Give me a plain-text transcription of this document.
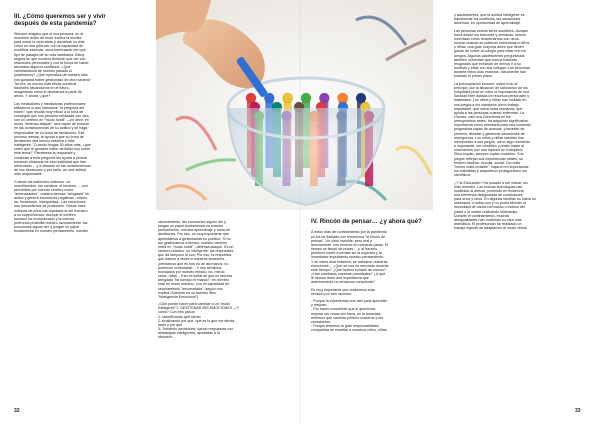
III. ¿Cómo queremos ser y vivir
después de esta pandemia?

Siempre imagino que si una persona, en el
momento antes de morir tuviera la lucidez
para echar la vista atrás y visualizar su vida
como en una película, con la capacidad de
modificar escenas, sería interesante ver qué
tipo de pasajes de su vida cambiaría. Estoy
segura de que muchos tendrían que ver con
relaciones personales y con la forma de haber
abordado algunos conflictos. ¿Qué
cambiaríamos de nuestro pasado si
pudiéramos? ¿Qué episodios de nuestra vida
nos gustaría haber gestionado de otra manera?
Tal vez, es mucho más eficaz construir
futuribles situándonos en el futuro,
imaginando cómo lo deseamos a partir de
ahora. Y ahora, ¿qué?

Los mediadores y mediadoras profesionales
utilizamos lo que llamamos "la pregunta del
futuro", que resulta muy eficaz a la hora de
conseguir que una persona enfadada con otra,
con un cerebro en "modo hostil" —es decir, en
modo "defensa-ataque"- sea capaz de enfocar
en las consecuencias de su actitud y se haga
responsable de su toma de decisiones. Ese
proceso mental, le ayuda a que su toma de
decisiones sea menos reactiva y más
inteligente: "Cuando tengas 30 años más, ¿qué
crees que te gustaría haber decidido hoy sobre
este tema?" Plantearse la respuesta y
contestar a esta pregunta les ayuda a pensar
tomando distancia de esa hostilidad que han
alimentado… y a situarse en las consecuencias
de sus decisiones y por tanto, en una actitud
más responsable.

Cuando los estímulos externos –la
incertidumbre, los cambios, el encierro…- son
percibidos por nuestro cerebro como
"amenazantes", nuestra famosa "amígdala" se
activa y genera emociones negativas –miedo,
ira, frustración, inseguridad-. Las emociones
son mecanismos de protección. Desde hace
millones de años han ayudado al ser humano
a su supervivencia. Aunque el cerebro
humano ha evolucionado y la corteza
prefrontal posibilita nuestro razonamiento, las
emociones siguen ahí y juegan un papel
fundamental en nuestro pensamiento, nuestro

razonamiento, las emociones siguen ahí y
juegan un papel fundamental en nuestro
pensamiento, nuestra aprendizaje y toma de
decisiones. Por eso, es muy importante que
aprendamos a gestionarlas en positivo. Si no
las gestionamos a tiempo, nuestro cerebro
entra en "modo hostil" –defensa-ataque- Es un
cerebro reactivo, no inteligente; las respuestas
que da tampoco lo son. Por eso, la respuesta
que damos a veces a nuestros tensiones…
¡pensamos que es nos va de las manos; no
podemos controlarla!… Y nos sentimos
inundados por nuestro enfado, ira, miedo,
celos, rabia… Eso es señal de que mi famosa
amígdala "ha tomado el mando": mi cerebro
está en modo reactivo, con mi capacidad de
razonamiento "secuestrada" (según nos
explica Goleman en su famoso libro
"Inteligencia Emocional").

¿Qué puede hacer para cambiar a un "modo
inteligente"?: GESTIONAR MIS EMOCIONES. ¿Y
cómo? Con tres pasos:
1- Identificando qué siento
2- Analizando por qué, qué es lo que me afecta
tanto y por qué
3- Tomando decisiones: dando respuestas con
estrategias inteligentes, ajustadas a la
situación.

32
IV. Rincón de pensar… ¿y ahora qué?

A estos días de confinamiento por la pandemia
yo los he llamado con frecuencia "el rincón de
pensar". Un virus invisible, pero real y
amenazante, nos encerró en nuestras casas. El
tiempo se limpió de prisas… y, al hacerlo,
pudimos volver a pensar sin la urgencia y la
inmediatez impulsando nuestro pensamiento.
Y en estos días estamos, se activaron nuestras
emociones… ¿Qué se nos ha removido durante
este tiempo? ¿Qué hemos echado de menos?
¿Han cambiado nuestras prioridades? ¿A qué
le hemos dado una importancia que
anteriormente no teníamos consciente?

Es muy importante que realicemos esta
revisión por tres razones:

- Porque la experiencia nos vale para aprender
y mejorar.
- Por hacer consciente que si queremos
mejorar las cosas ahí fuera, en la sociedad,
tenemos que cambiar primero nosotros y ser
conscientes.
- Porque tenemos la gran responsabilidad
compartida de enseñar a nuestros niños, niñas

y adolescentes, que la actitud inteligente es
transformar los conflictos, las situaciones
adversas, en oportunidad de aprendizaje.

Las personas somos seres sociables. Aunque
fuera desde los balcones y ventanas, hemos
inventado cómo relacionarnos con otros.
Incluso cuando se publican entrevistas a niños
y niñas, una gran mayoría dicen que tienen
ganas de volver al colegio para estar con los
amigos. Algunos adolescentes preguntados
también comentan que nunca hubieran
imaginado que echarían de menos ir a su
Instituto y estar con sus colegas. Las personas,
durante estos días estamos, claramente han
poblado el primer plano.

La preocupación enorme, sobre todo al
principio, por la situación de saturación de los
hospitales puso en valor la importancia de una
Sanidad bien dotada de recursos personales y
materiales. Los niños y niñas han incluido en
sus juegos a los sanitarios como trabajo
importante, que salva vidas humanas, que
ayuda a las personas cuando enferman. La
Ciencia, casi una Cenicienta en los
presupuestos antes, ha adquirido significativa
importancia como necesaria para una sociedad
progresista capaz de avanzar, y también de
prevenir, afrontar y gestionar situaciones de
emergencia. Los niños y niñas también han
incorporado a sus juegos, como algo novedoso
e importante, ser científico y poder matar al
coronavirus con una líquidos en frasquitos.
Ellos copian, siempre copian modelos. Sus
juegos reflejan sus experiencias vitales, su
entorno familiar, escolar, social. Con este
"hecho mala invisible", bajaron en importancia
los futbolistas y adquirieron protagonismo los
científicos.

¿Y la Educación? Ha pasado a ser virtual, sin
más remedio. Las nuevas tecnologías han
sustituido al directo, poniendo en evidencia
una tremenda desigualdad de condiciones
para unos y otros. En algunas familias no había un
ordenador o había uno y no podía atender la
necesidad de varios hermanos o incluso del
padre y la madre realizando teletrabajo.
Durante el confinamiento, muchas
desigualdades han mostrado su cara más
dramática. El profesorado ha realizado un
trabajo ingente de adaptación al modo virtual

33
